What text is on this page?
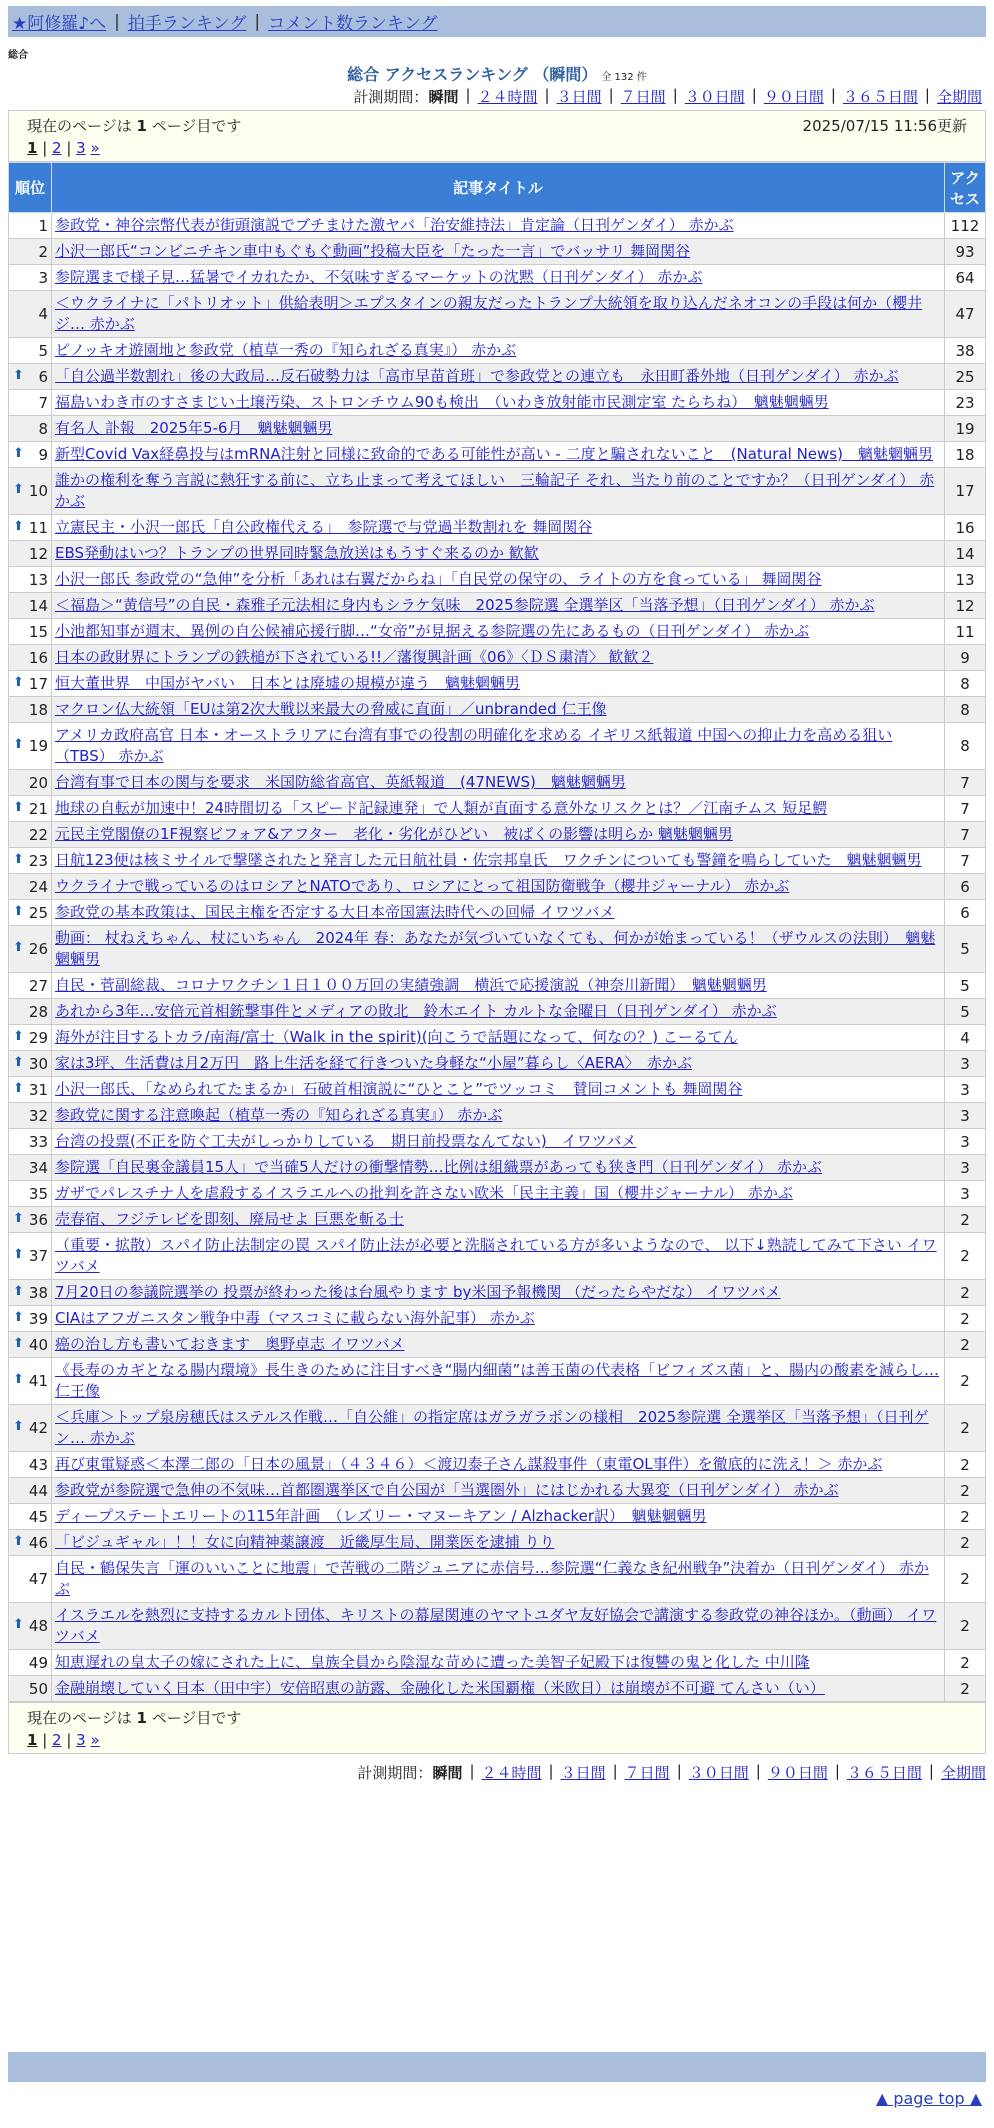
★阿修羅♪へ | 拍手ランキング | コメント数ランキング
総合
総合 アクセスランキング （瞬間） 全 132 件
計測期間： 瞬間 | ２４時間 | ３日間 | ７日間 | ３０日間 | ９０日間 | ３６５日間 | 全期間
現在のページは 1 ページ目です	2025/07/15 11:56更新
1 | 2 | 3 »
順位	記事タイトル	アクセス
1	参政党・神谷宗幣代表が街頭演説でブチまけた激ヤバ「治安維持法」肯定論（日刊ゲンダイ） 赤かぶ	112
2	小沢一郎氏“コンビニチキン車中もぐもぐ動画”投稿大臣を「たった一言」でバッサリ 舞岡関谷	93
3	参院選まで様子見…猛暑でイカれたか、不気味すぎるマーケットの沈黙（日刊ゲンダイ） 赤かぶ	64
4	＜ウクライナに「パトリオット」供給表明＞エプスタインの親友だったトランプ大統領を取り込んだネオコンの手段は何か（櫻井ジ… 赤かぶ	47
5	ピノッキオ遊園地と参政党（植草一秀の『知られざる真実』） 赤かぶ	38

⬆ 6	「自公過半数割れ」後の大政局…反石破勢力は「高市早苗首班」で参政党との連立も　永田町番外地（日刊ゲンダイ） 赤かぶ	25
7	福島いわき市のすさまじい土壌汚染、ストロンチウム90も検出　（いわき放射能市民測定室 たらちね）　魑魅魍魎男	23
8	有名人 訃報　2025年5-6月　魑魅魍魎男	19

⬆ 9	新型Covid Vax経鼻投与はmRNA注射と同様に致命的である可能性が高い - 二度と騙されないこと　(Natural News)　魑魅魍魎男	18

⬆ 10	誰かの権利を奪う言説に熱狂する前に、立ち止まって考えてほしい　三輪記子 それ、当たり前のことですか？（日刊ゲンダイ） 赤かぶ	17

⬆ 11	立憲民主・小沢一郎氏「自公政権代える」　参院選で与党過半数割れを 舞岡関谷	16
12	EBS発動はいつ？トランプの世界同時緊急放送はもうすぐ来るのか 歓歓	14
13	小沢一郎氏 参政党の“急伸”を分析「あれは右翼だからね」「自民党の保守の、ライトの方を食っている」 舞岡関谷	13
14	＜福島＞“黄信号”の自民・森雅子元法相に身内もシラケ気味　2025参院選 全選挙区「当落予想」（日刊ゲンダイ） 赤かぶ	12
15	小池都知事が週末、異例の自公候補応援行脚…“女帝”が見据える参院選の先にあるもの（日刊ゲンダイ） 赤かぶ	11
16	日本の政財界にトランプの鉄槌が下されている!!／藩復興計画《06》〈ＤＳ粛清〉 歓歓２	9

⬆ 17	恒大董世界　中国がヤバい　日本とは廃墟の規模が違う　魑魅魍魎男	8
18	マクロン仏大統領「EUは第2次大戦以来最大の脅威に直面」／unbranded 仁王像	8

⬆ 19	アメリカ政府高官 日本・オーストラリアに台湾有事での役割の明確化を求める イギリス紙報道 中国への抑止力を高める狙い（TBS） 赤かぶ	8
20	台湾有事で日本の関与を要求　米国防総省高官、英紙報道　(47NEWS)　魑魅魍魎男	7

⬆ 21	地球の自転が加速中！24時間切る「スピード記録連発」で人類が直面する意外なリスクとは？／江南チムス 短足鰐	7
22	元民主党閣僚の1F視察ビフォア&アフター　老化・劣化がひどい　被ばくの影響は明らか 魑魅魍魎男	7

⬆ 23	日航123便は核ミサイルで撃墜されたと発言した元日航社員・佐宗邦皇氏　ワクチンについても警鐘を鳴らしていた　魑魅魍魎男	7
24	ウクライナで戦っているのはロシアとNATOであり、ロシアにとって祖国防衛戦争（櫻井ジャーナル） 赤かぶ	6

⬆ 25	参政党の基本政策は、国民主権を否定する大日本帝国憲法時代への回帰 イワツバメ	6

⬆ 26	動画： 杖ねえちゃん、杖にいちゃん　2024年 春：あなたが気づいていなくても、何かが始まっている！（ザウルスの法則）　魑魅魍魎男	5
27	自民・菅副総裁、コロナワクチン１日１００万回の実績強調　横浜で応援演説（神奈川新聞）　魑魅魍魎男	5
28	あれから3年…安倍元首相銃撃事件とメディアの敗北　鈴木エイト カルトな金曜日（日刊ゲンダイ） 赤かぶ	5

⬆ 29	海外が注目するトカラ/南海/富士（Walk in the spirit)(向こうで話題になって、何なの？) こーるてん	4

⬆ 30	家は3坪、生活費は月2万円　路上生活を経て行きついた身軽な“小屋”暮らし〈AERA〉　赤かぶ	3

⬆ 31	小沢一郎氏、「なめられてたまるか」石破首相演説に“ひとこと”でツッコミ　賛同コメントも 舞岡関谷	3
32	参政党に関する注意喚起（植草一秀の『知られざる真実』） 赤かぶ	3
33	台湾の投票(不正を防ぐ工夫がしっかりしている　期日前投票なんてない)　イワツバメ	3
34	参院選「自民裏金議員15人」で当確5人だけの衝撃情勢…比例は組織票があっても狭き門（日刊ゲンダイ） 赤かぶ	3
35	ガザでパレスチナ人を虐殺するイスラエルへの批判を許さない欧米「民主主義」国（櫻井ジャーナル） 赤かぶ	3

⬆ 36	売春宿、フジテレビを即刻、廃局せよ 巨悪を斬る士	2

⬆ 37	（重要・拡散）スパイ防止法制定の罠 スパイ防止法が必要と洗脳されている方が多いようなので、 以下↓熟読してみて下さい イワツバメ	2

⬆ 38	7月20日の参議院選挙の 投票が終わった後は台風やります by米国予報機関 （だったらやだな） イワツバメ	2

⬆ 39	CIAはアフガニスタン戦争中毒（マスコミに載らない海外記事） 赤かぶ	2

⬆ 40	癌の治し方も書いておきます　奥野卓志 イワツバメ	2

⬆ 41	《長寿のカギとなる腸内環境》長生きのために注目すべき“腸内細菌”は善玉菌の代表格「ビフィズス菌」と、腸内の酸素を減らし… 仁王像	2

⬆ 42	＜兵庫＞トップ泉房穂氏はステルス作戦…「自公維」の指定席はガラガラポンの様相　2025参院選 全選挙区「当落予想」（日刊ゲン… 赤かぶ	2
43	再び東電疑惑＜本澤二郎の「日本の風景」（４３４６）＜渡辺泰子さん謀殺事件（東電OL事件）を徹底的に洗え！＞ 赤かぶ	2
44	参政党が参院選で急伸の不気味…首都圏選挙区で自公国が「当選圏外」にはじかれる大異変（日刊ゲンダイ） 赤かぶ	2
45	ディープステートエリートの115年計画　（レズリー・マヌーキアン / Alzhacker訳）　魑魅魍魎男	2

⬆ 46	「ビジュギャル」！！女に向精神薬譲渡　近畿厚生局、開業医を逮捕 りり	2
47	自民・鶴保失言「運のいいことに地震」で苦戦の二階ジュニアに赤信号…参院選“仁義なき紀州戦争”決着か（日刊ゲンダイ） 赤かぶ	2

⬆ 48	イスラエルを熱烈に支持するカルト団体、キリストの幕屋関連のヤマトユダヤ友好協会で講演する参政党の神谷ほか。（動画） イワツバメ	2
49	知恵遅れの皇太子の嫁にされた上に、皇族全員から陰湿な苛めに遭った美智子妃殿下は復讐の鬼と化した 中川隆	2
50	金融崩壊していく日本（田中宇）安倍昭恵の訪露、金融化した米国覇権（米欧日）は崩壊が不可避 てんさい（い）	2
現在のページは 1 ページ目です
1 | 2 | 3 »
計測期間： 瞬間 | ２４時間 | ３日間 | ７日間 | ３０日間 | ９０日間 | ３６５日間 | 全期間
▲ page top ▲
